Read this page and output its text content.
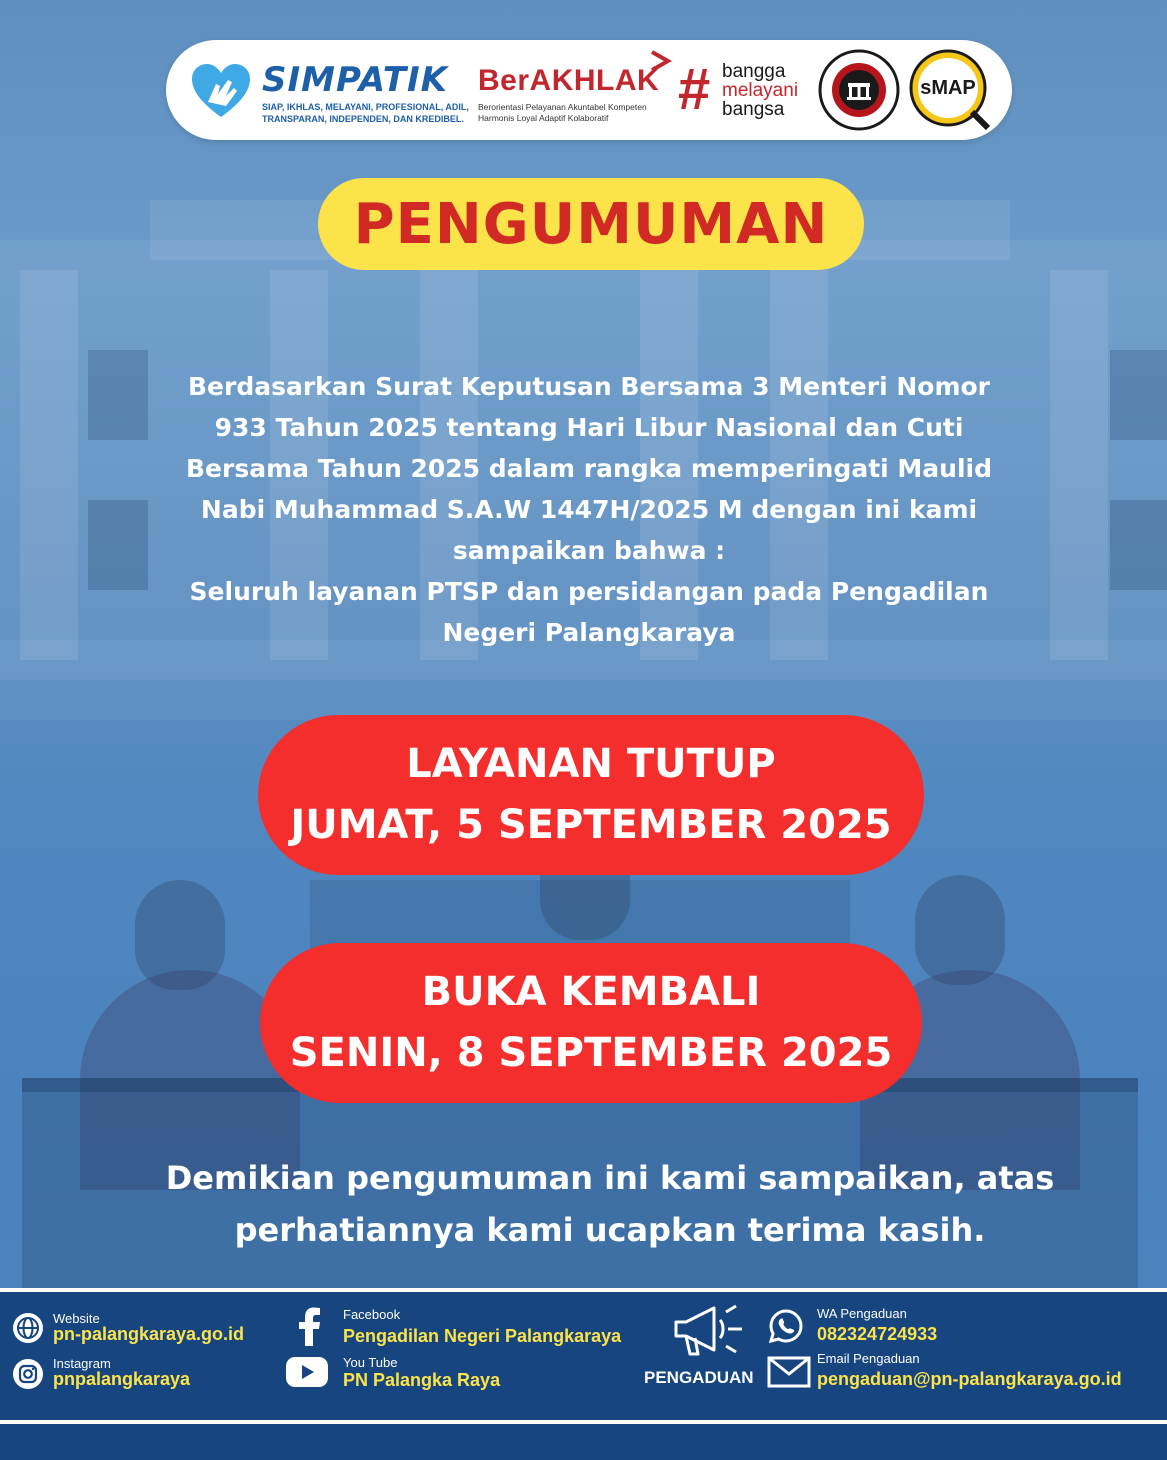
SIMPATIK
SIAP, IKHLAS, MELAYANI, PROFESIONAL, ADIL, TRANSPARAN, INDEPENDEN, DAN KREDIBEL.
BerAKHLAK
Berorientasi Pelayanan Akuntabel Kompeten Harmonis Loyal Adaptif Kolaboratif	# bangga
melayani
bangsa
sMAP
PENGUMUMAN
Berdasarkan Surat Keputusan Bersama 3 Menteri Nomor
933 Tahun 2025 tentang Hari Libur Nasional dan Cuti
Bersama Tahun 2025 dalam rangka memperingati Maulid
Nabi Muhammad S.A.W 1447H/2025 M dengan ini kami
sampaikan bahwa :
Seluruh layanan PTSP dan persidangan pada Pengadilan
Negeri Palangkaraya
LAYANAN TUTUP
JUMAT, 5 SEPTEMBER 2025
BUKA KEMBALI
SENIN, 8 SEPTEMBER 2025
Demikian pengumuman ini kami sampaikan, atas
perhatiannya kami ucapkan terima kasih.
Website
pn-palangkaraya.go.id
Instagram
pnpalangkaraya
Facebook
Pengadilan Negeri Palangkaraya
You Tube
PN Palangka Raya	PENGADUAN
WA Pengaduan
082324724933
Email Pengaduan
pengaduan@pn-palangkaraya.go.id
